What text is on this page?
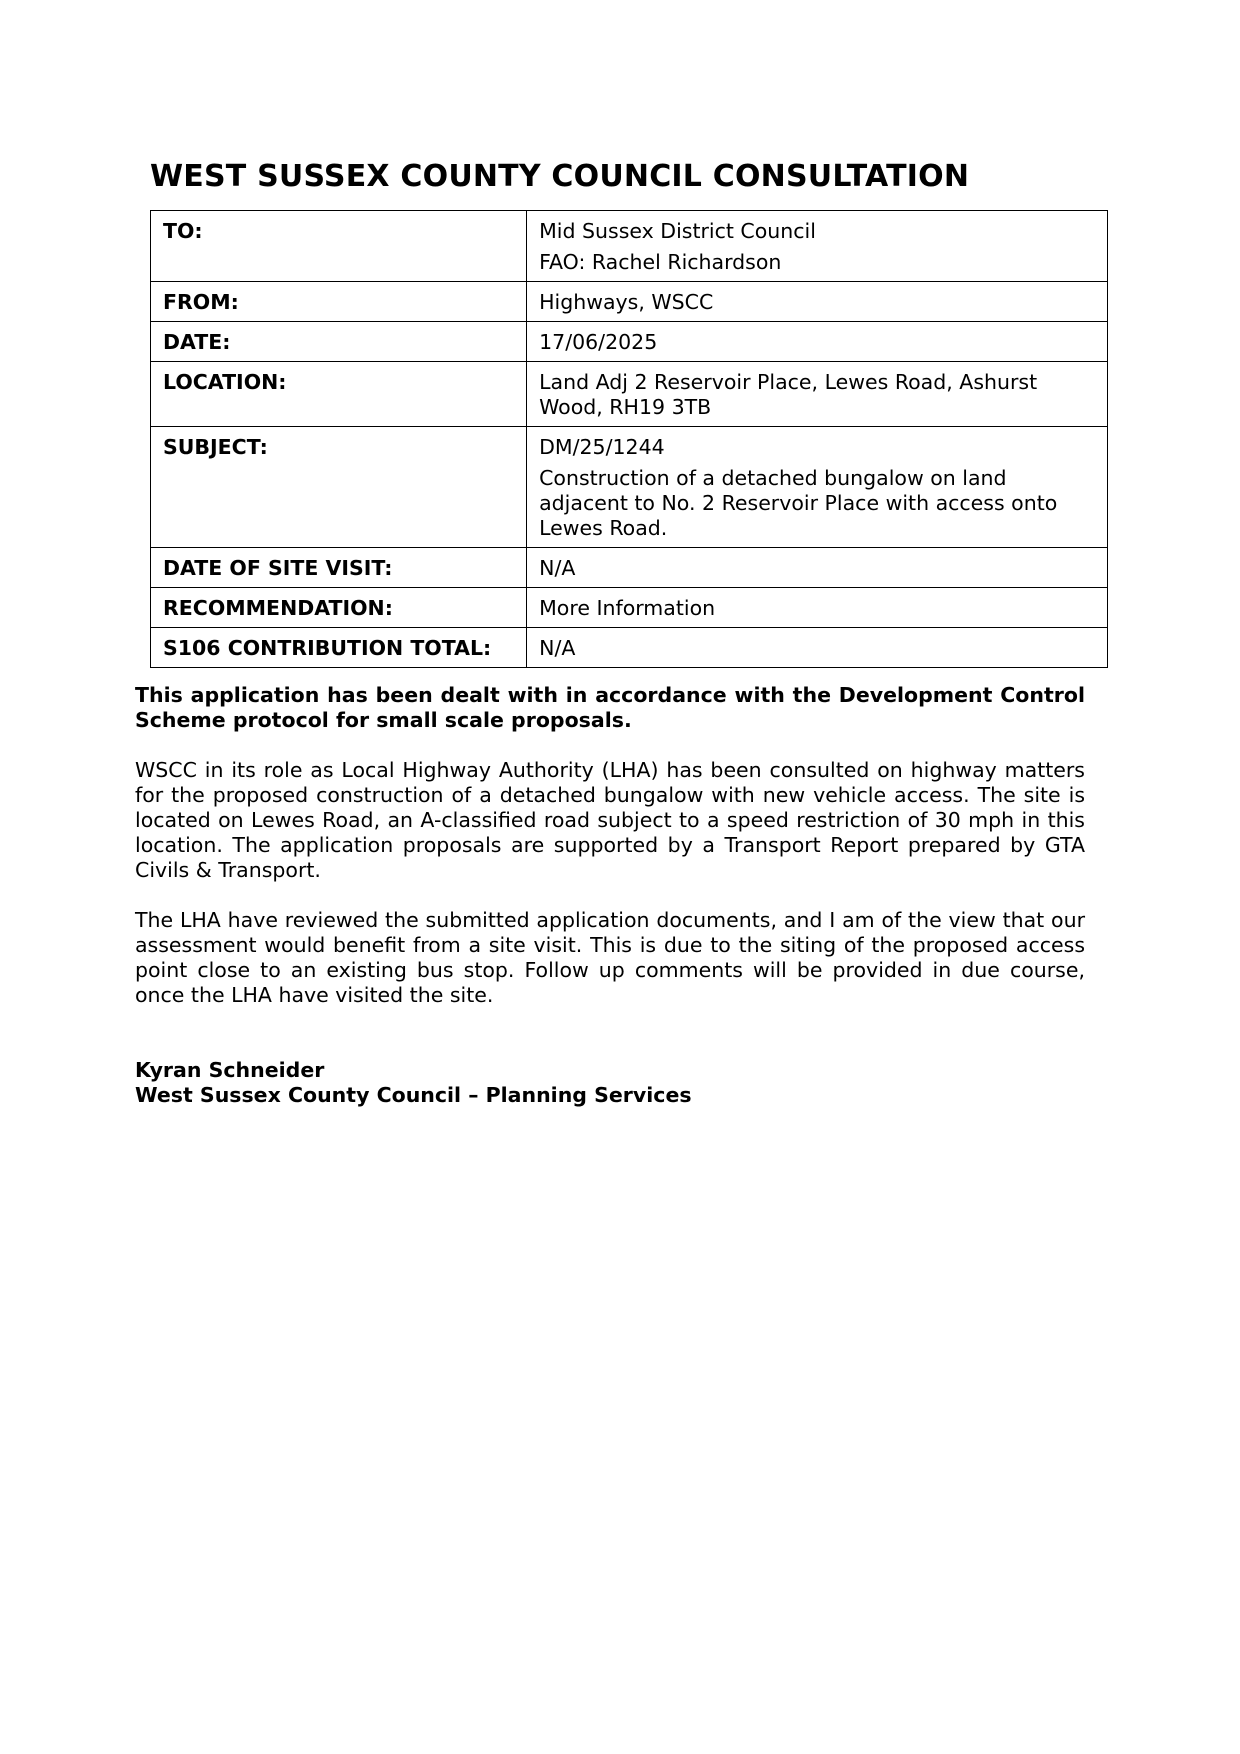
WEST SUSSEX COUNTY COUNCIL CONSULTATION
TO:	Mid Sussex District Council
FAO: Rachel Richardson

FROM:	Highways, WSCC
DATE:	17/06/2025
LOCATION:	Land Adj 2 Reservoir Place, Lewes Road, Ashurst Wood, RH19 3TB
SUBJECT:	DM/25/1244
Construction of a detached bungalow on land adjacent to No. 2 Reservoir Place with access onto Lewes Road.

DATE OF SITE VISIT:	N/A
RECOMMENDATION:	More Information
S106 CONTRIBUTION TOTAL:	N/A

This application has been dealt with in accordance with the Development Control Scheme protocol for small scale proposals.

WSCC in its role as Local Highway Authority (LHA) has been consulted on highway matters for the proposed construction of a detached bungalow with new vehicle access. The site is located on Lewes Road, an A-classified road subject to a speed restriction of 30 mph in this location. The application proposals are supported by a Transport Report prepared by GTA Civils & Transport.

The LHA have reviewed the submitted application documents, and I am of the view that our assessment would benefit from a site visit. This is due to the siting of the proposed access point close to an existing bus stop. Follow up comments will be provided in due course, once the LHA have visited the site.

Kyran Schneider
West Sussex County Council – Planning Services
